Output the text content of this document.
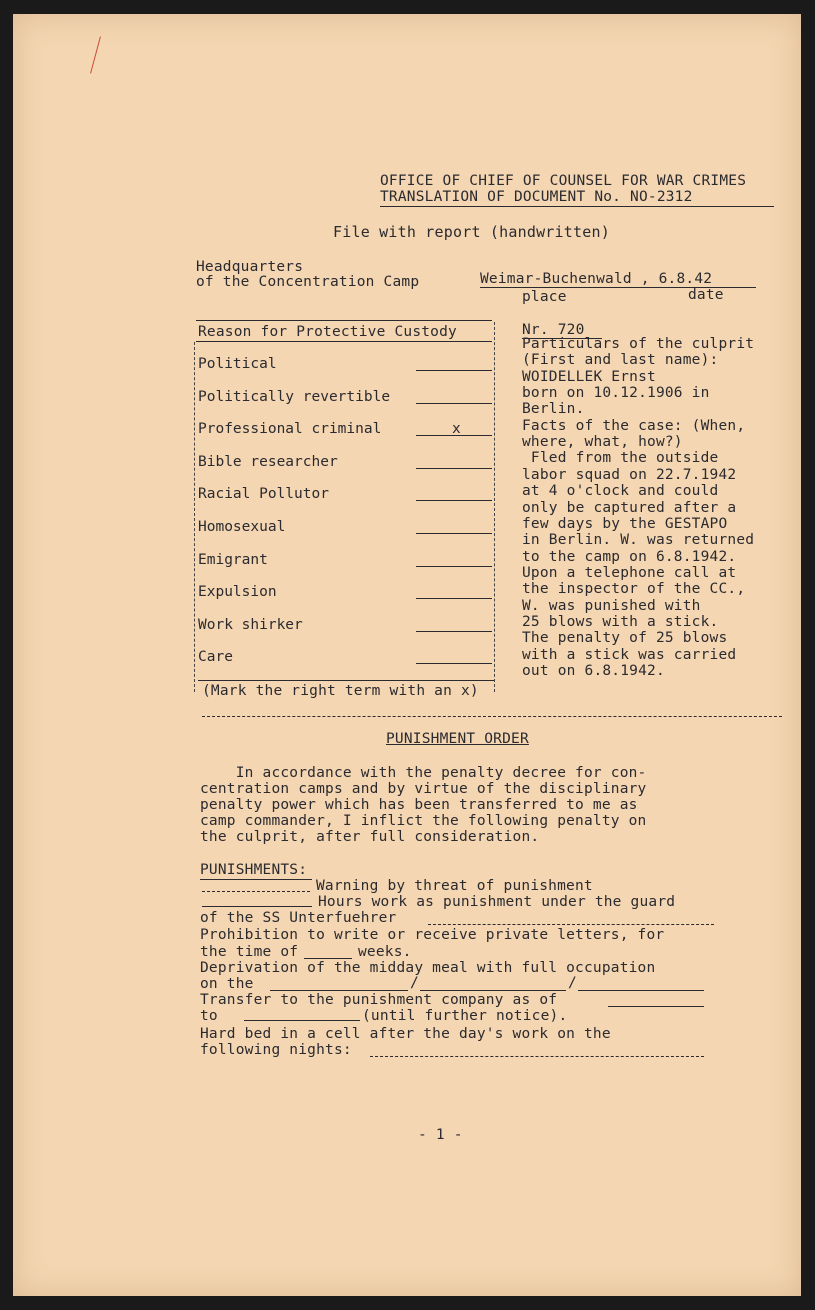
OFFICE OF CHIEF OF COUNSEL FOR WAR CRIMES
TRANSLATION OF DOCUMENT No. NO-2312
File with report (handwritten)
Headquarters
of the Concentration Camp	Weimar-Buchenwald , 6.8.42
place	date
Reason for Protective Custody
Political
Politically revertible
Professional criminal	x
Bible researcher
Racial Pollutor
Homosexual
Emigrant
Expulsion
Work shirker
Care
(Mark the right term with an x)
Nr. 720
Particulars of the culprit
(First and last name):
WOIDELLEK Ernst
born on 10.12.1906 in
Berlin.
Facts of the case: (When,
where, what, how?)
Fled from the outside
labor squad on 22.7.1942
at 4 o'clock and could
only be captured after a
few days by the GESTAPO
in Berlin. W. was returned
to the camp on 6.8.1942.
Upon a telephone call at
the inspector of the CC.,
W. was punished with
25 blows with a stick.
The penalty of 25 blows
with a stick was carried
out on 6.8.1942.
PUNISHMENT ORDER
In accordance with the penalty decree for con-
centration camps and by virtue of the disciplinary
penalty power which has been transferred to me as
camp commander, I inflict the following penalty on
the culprit, after full consideration.
PUNISHMENTS:
Warning by threat of punishment
Hours work as punishment under the guard
of the SS Unterfuehrer
Prohibition to write or receive private letters, for
the time of	weeks.
Deprivation of the midday meal with full occupation
on the	/	/
Transfer to the punishment company as of
to	(until further notice).
Hard bed in a cell after the day's work on the
following nights:
- 1 -
